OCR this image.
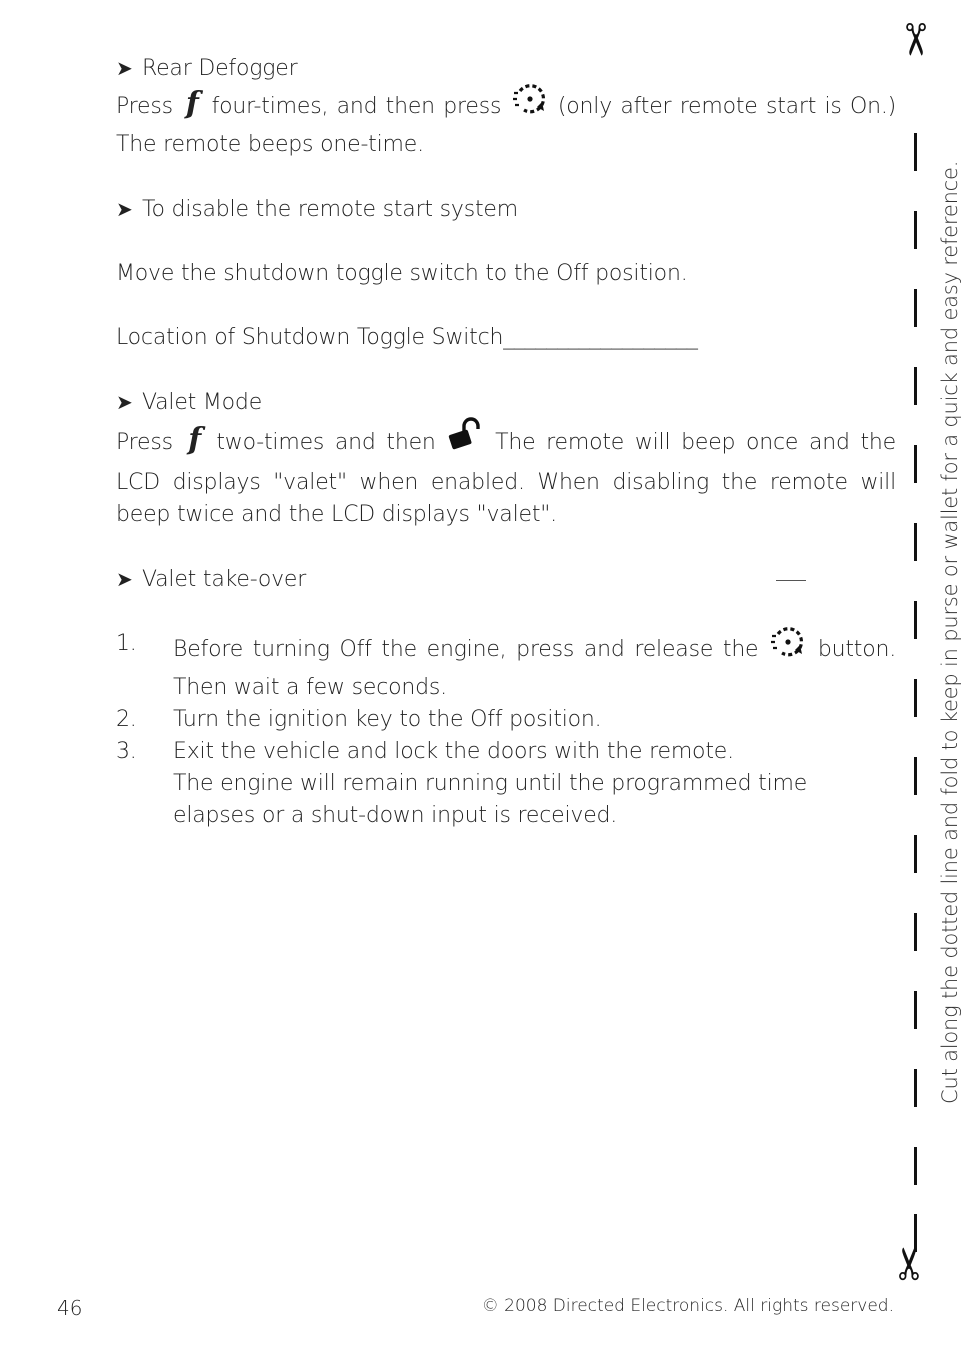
➤ Rear Defogger

Press f four-times, and then press	(only after remote start is On.) The remote beeps one-time.

➤ To disable the remote start system

Move the shutdown toggle switch to the Off position.

Location of Shutdown Toggle Switch__________________

➤ Valet Mode

Press f two-times and then	The remote will beep once and the LCD displays "valet" when enabled. When disabling the remote will beep twice and the LCD displays "valet".

➤ Valet take-over
1. Before turning Off the engine, press and release the	button. Then wait a few seconds.
2. Turn the ignition key to the Off position.
3. Exit the vehicle and lock the doors with the remote.
The engine will remain running until the programmed time elapses or a shut-down input is received.
✂
✂
Cut along the dotted line and fold to keep in purse or wallet for a quick and easy reference.
46	© 2008 Directed Electronics. All rights reserved.
